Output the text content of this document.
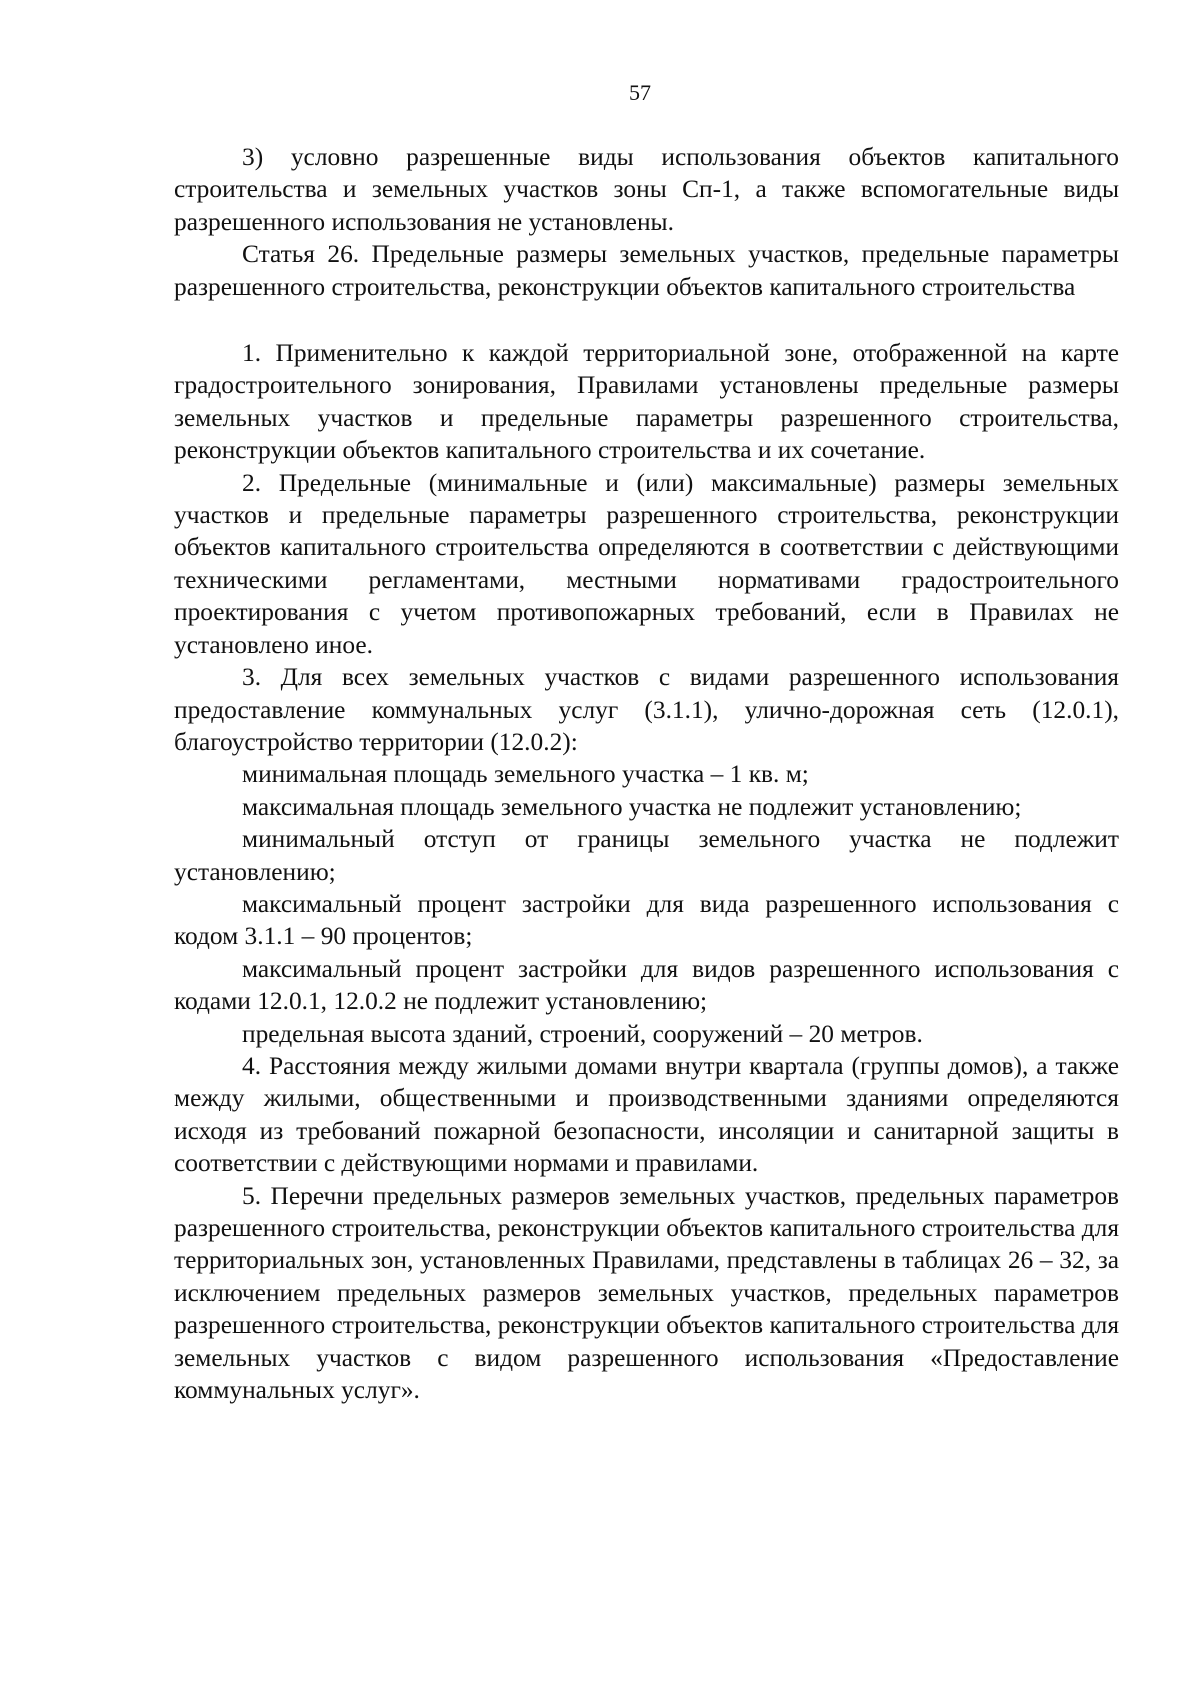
57

3) условно разрешенные виды использования объектов капитального строительства и земельных участков зоны Сп-1, а также вспомогательные виды разрешенного использования не установлены.

Статья 26. Предельные размеры земельных участков, предельные параметры разрешенного строительства, реконструкции объектов капитального строительства

1. Применительно к каждой территориальной зоне, отображенной на карте градостроительного зонирования, Правилами установлены предельные размеры земельных участков и предельные параметры разрешенного строительства, реконструкции объектов капитального строительства и их сочетание.

2. Предельные (минимальные и (или) максимальные) размеры земельных участков и предельные параметры разрешенного строительства, реконструкции объектов капитального строительства определяются в соответствии с действующими техническими регламентами, местными нормативами градостроительного проектирования с учетом противопожарных требований, если в Правилах не установлено иное.

3. Для всех земельных участков с видами разрешенного использования предоставление коммунальных услуг (3.1.1), улично-дорожная сеть (12.0.1), благоустройство территории (12.0.2):

минимальная площадь земельного участка – 1 кв. м;

максимальная площадь земельного участка не подлежит установлению;

минимальный отступ от границы земельного участка не подлежит установлению;

максимальный процент застройки для вида разрешенного использования с кодом 3.1.1 – 90 процентов;

максимальный процент застройки для видов разрешенного использования с кодами 12.0.1, 12.0.2 не подлежит установлению;

предельная высота зданий, строений, сооружений – 20 метров.

4. Расстояния между жилыми домами внутри квартала (группы домов), а также между жилыми, общественными и производственными зданиями определяются исходя из требований пожарной безопасности, инсоляции и санитарной защиты в соответствии с действующими нормами и правилами.

5. Перечни предельных размеров земельных участков, предельных параметров разрешенного строительства, реконструкции объектов капитального строительства для территориальных зон, установленных Правилами, представлены в таблицах 26 – 32, за исключением предельных размеров земельных участков, предельных параметров разрешенного строительства, реконструкции объектов капитального строительства для земельных участков с видом разрешенного использования «Предоставление коммунальных услуг».
